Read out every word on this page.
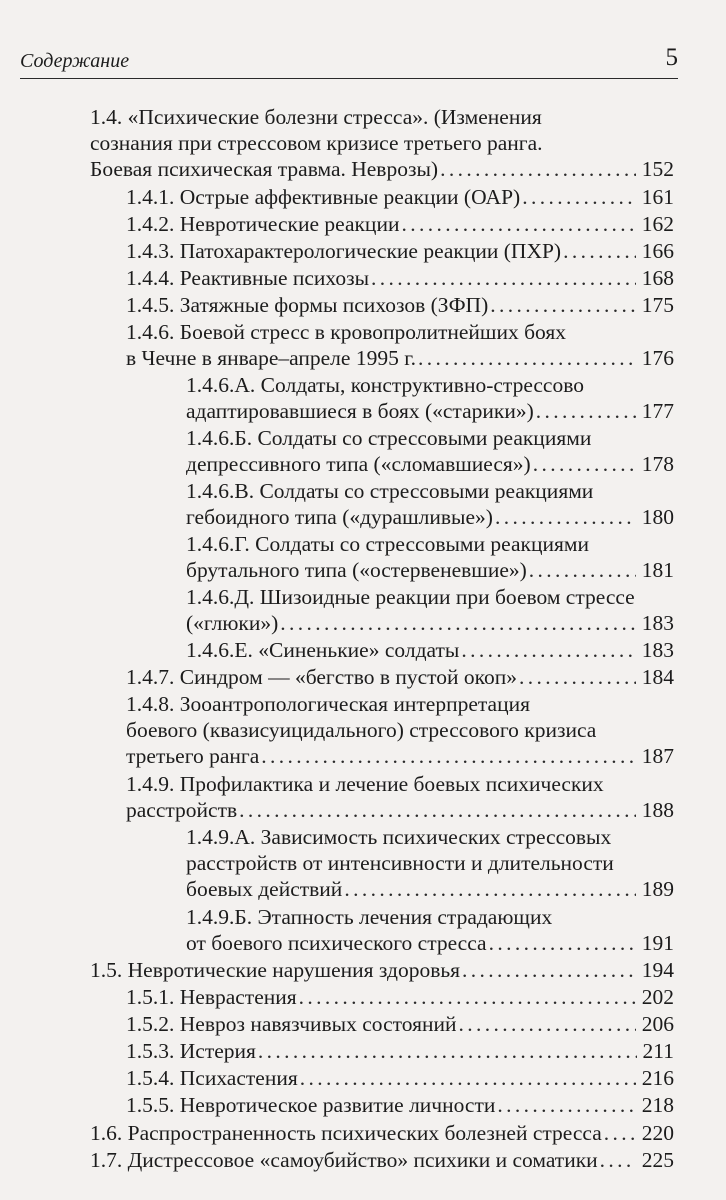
Содержание	5
1.4. «Психические болезни стресса». (Изменения
сознания при стрессовом кризисе третьего ранга.
Боевая психическая травма. Неврозы) . . .	152
1.4.1. Острые аффективные реакции (ОАР) . . .	161
1.4.2. Невротические реакции . . .	162
1.4.3. Патохарактерологические реакции (ПХР) . . .	166
1.4.4. Реактивные психозы . . .	168
1.4.5. Затяжные формы психозов (ЗФП) . . .	175
1.4.6. Боевой стресс в кровопролитнейших боях
в Чечне в январе–апреле 1995 г. . . .	176
1.4.6.А. Солдаты, конструктивно-стрессово
адаптировавшиеся в боях («старики») . . .	177
1.4.6.Б. Солдаты со стрессовыми реакциями
депрессивного типа («сломавшиеся») . . .	178
1.4.6.В. Солдаты со стрессовыми реакциями
гебоидного типа («дурашливые») . . .	180
1.4.6.Г. Солдаты со стрессовыми реакциями
брутального типа («остервеневшие») . . .	181
1.4.6.Д. Шизоидные реакции при боевом стрессе
(«глюки») . . .	183
1.4.6.Е. «Синенькие» солдаты . . .	183
1.4.7. Синдром — «бегство в пустой окоп» . . .	184
1.4.8. Зооантропологическая интерпретация
боевого (квазисуицидального) стрессового кризиса
третьего ранга . . .	187
1.4.9. Профилактика и лечение боевых психических
расстройств . . .	188
1.4.9.А. Зависимость психических стрессовых
расстройств от интенсивности и длительности
боевых действий . . .	189
1.4.9.Б. Этапность лечения страдающих
от боевого психического стресса . . .	191
1.5. Невротические нарушения здоровья . . .	194
1.5.1. Неврастения . . .	202
1.5.2. Невроз навязчивых состояний . . .	206
1.5.3. Истерия . . .	211
1.5.4. Психастения . . .	216
1.5.5. Невротическое развитие личности . . .	218
1.6. Распространенность психических болезней стресса . . . 220
1.7. Дистрессовое «самоубийство» психики и соматики . . . 225
